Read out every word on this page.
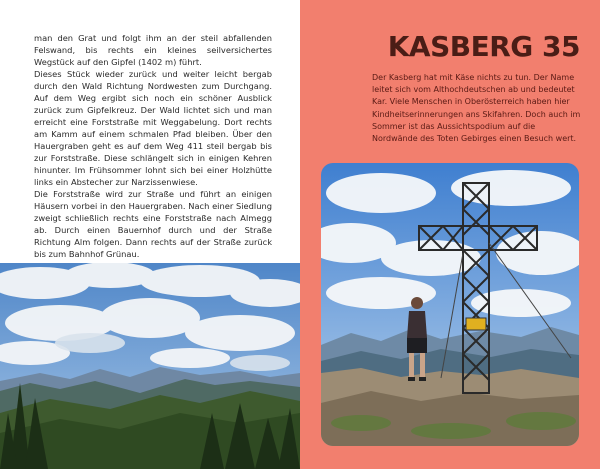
man den Grat und folgt ihm an der steil abfallenden Felswand, bis rechts ein kleines seilversichertes Wegstück auf den Gipfel (1402 m) führt.

Dieses Stück wieder zurück und weiter leicht bergab durch den Wald Richtung Nordwesten zum Durchgang. Auf dem Weg ergibt sich noch ein schöner Ausblick zurück zum Gipfelkreuz. Der Wald lichtet sich und man erreicht eine Forststraße mit Weggabelung. Dort rechts am Kamm auf einem schmalen Pfad bleiben. Über den Hauergraben geht es auf dem Weg 411 steil bergab bis zur Forststraße. Diese schlängelt sich in einigen Kehren hinunter. Im Frühsommer lohnt sich bei einer Holzhütte links ein Abstecher zur Narzissenwiese.

Die Forststraße wird zur Straße und führt an einigen Häusern vorbei in den Hauergraben. Nach einer Siedlung zweigt schließlich rechts eine Forststraße nach Almegg ab. Durch einen Bauernhof durch und der Straße Richtung Alm folgen. Dann rechts auf der Straße zurück bis zum Bahnhof Grünau.

KASBERG 35
Der Kasberg hat mit Käse nichts zu tun. Der Name leitet sich vom Althochdeutschen ab und bedeutet Kar. Viele Menschen in Oberösterreich haben hier Kindheitserinnerungen ans Skifahren. Doch auch im Sommer ist das Aussichtspodium auf die Nordwände des Toten Gebirges einen Besuch wert.
